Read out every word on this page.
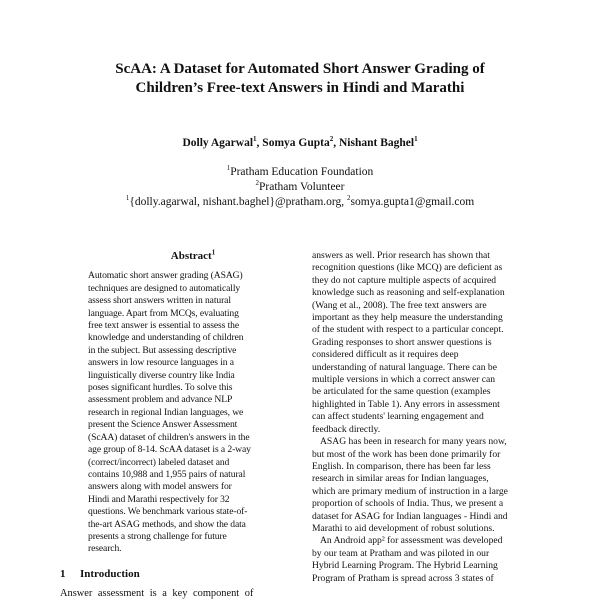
ScAA: A Dataset for Automated Short Answer Grading of
Children’s Free-text Answers in Hindi and Marathi
Dolly Agarwal$^1$, Somya Gupta$^2$, Nishant Baghel$^1$
$^1$Pratham Education Foundation
$^2$Pratham Volunteer
$^1${dolly.agarwal, nishant.baghel}@pratham.org, $^2$somya.gupta1@gmail.com
Abstract$^1$
Automatic short answer grading (ASAG)
techniques are designed to automatically
assess short answers written in natural
language. Apart from MCQs, evaluating
free text answer is essential to assess the
knowledge and understanding of children
in the subject. But assessing descriptive
answers in low resource languages in a
linguistically diverse country like India
poses significant hurdles. To solve this
assessment problem and advance NLP
research in regional Indian languages, we
present the Science Answer Assessment
(ScAA) dataset of children's answers in the
age group of 8-14. ScAA dataset is a 2-way
(correct/incorrect) labeled dataset and
contains 10,988 and 1,955 pairs of natural
answers along with model answers for
Hindi and Marathi respectively for 32
questions. We benchmark various state-of-
the-art ASAG methods, and show the data
presents a strong challenge for future
research.
answers as well. Prior research has shown that
recognition questions (like MCQ) are deficient as
they do not capture multiple aspects of acquired
knowledge such as reasoning and self-explanation
(Wang et al., 2008). The free text answers are
important as they help measure the understanding
of the student with respect to a particular concept.
Grading responses to short answer questions is
considered difficult as it requires deep
understanding of natural language. There can be
multiple versions in which a correct answer can
be articulated for the same question (examples
highlighted in Table 1). Any errors in assessment
can affect students' learning engagement and
feedback directly.
ASAG has been in research for many years now,
but most of the work has been done primarily for
English. In comparison, there has been far less
research in similar areas for Indian languages,
which are primary medium of instruction in a large
proportion of schools of India. Thus, we present a
dataset for ASAG for Indian languages - Hindi and
Marathi to aid development of robust solutions.
An Android app² for assessment was developed
by our team at Pratham and was piloted in our
Hybrid Learning Program. The Hybrid Learning
Program of Pratham is spread across 3 states of
1 Introduction
Answer assessment is a key component of
